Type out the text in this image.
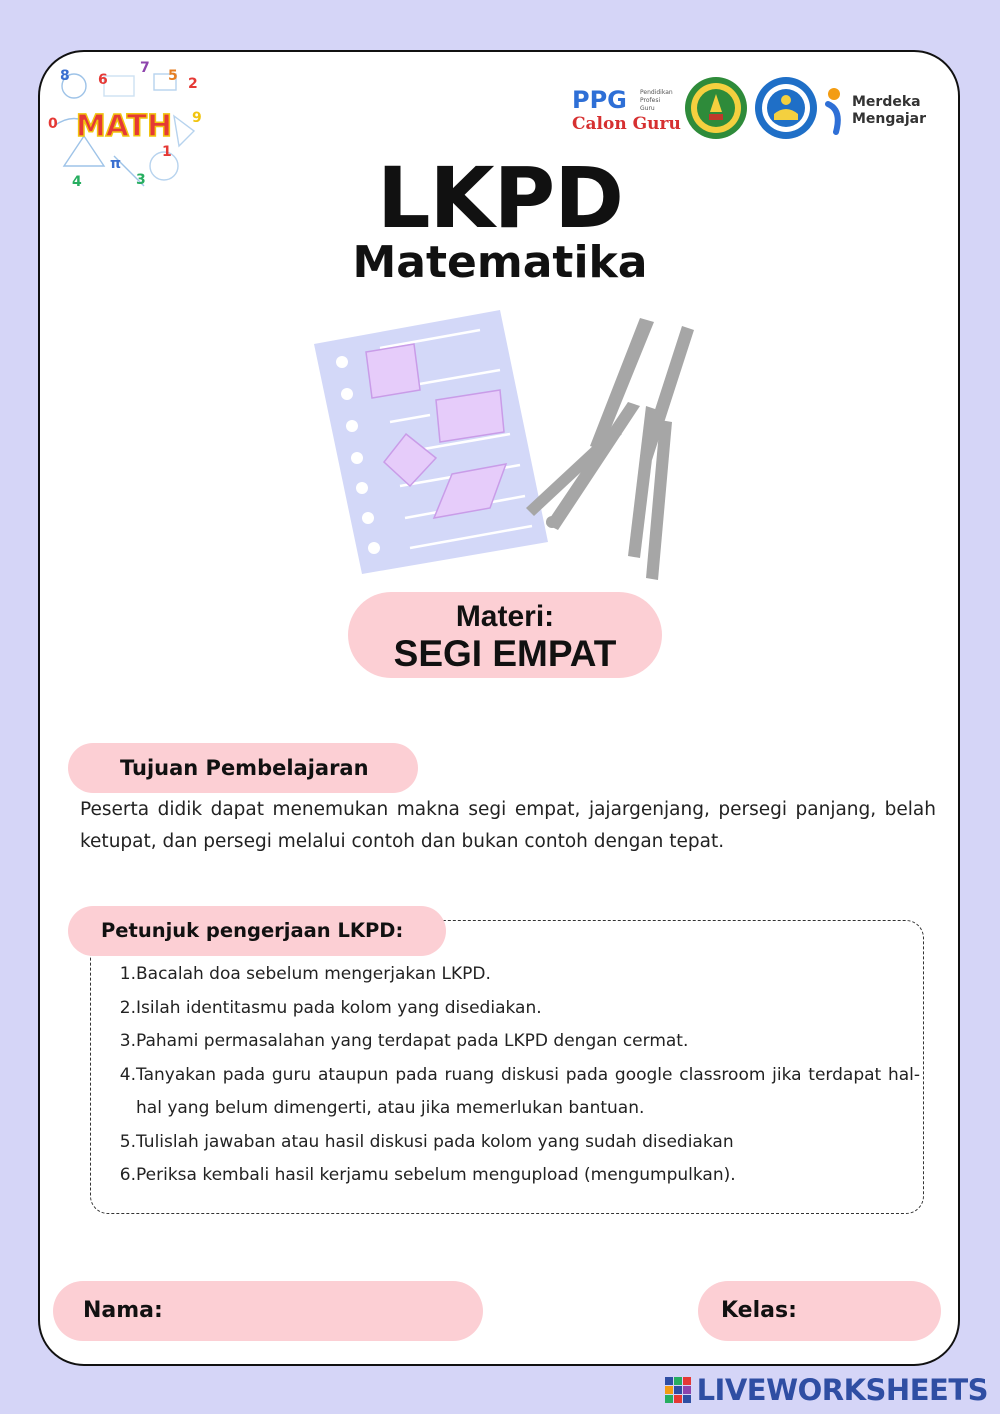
8 6
7 5 2
0	9
π
3
1
4
MATH
PPG
Calon Guru
Pendidikan
Profesi
Guru	Merdeka
Mengajar
LKPD
Matematika
Materi:
SEGI EMPAT
Tujuan Pembelajaran
Peserta didik dapat menemukan makna segi empat, jajargenjang, persegi panjang, belah ketupat, dan persegi melalui contoh dan bukan contoh dengan tepat.
Petunjuk pengerjaan LKPD:
1. Bacalah doa sebelum mengerjakan LKPD.
2. Isilah identitasmu pada kolom yang disediakan.
3. Pahami permasalahan yang terdapat pada LKPD dengan cermat.
4. Tanyakan pada guru ataupun pada ruang diskusi pada google classroom jika terdapat hal-hal yang belum dimengerti, atau jika memerlukan bantuan.
5. Tulislah jawaban atau hasil diskusi pada kolom yang sudah disediakan
6. Periksa kembali hasil kerjamu sebelum mengupload (mengumpulkan).
Nama:	Kelas:
LIVEWORKSHEETS
